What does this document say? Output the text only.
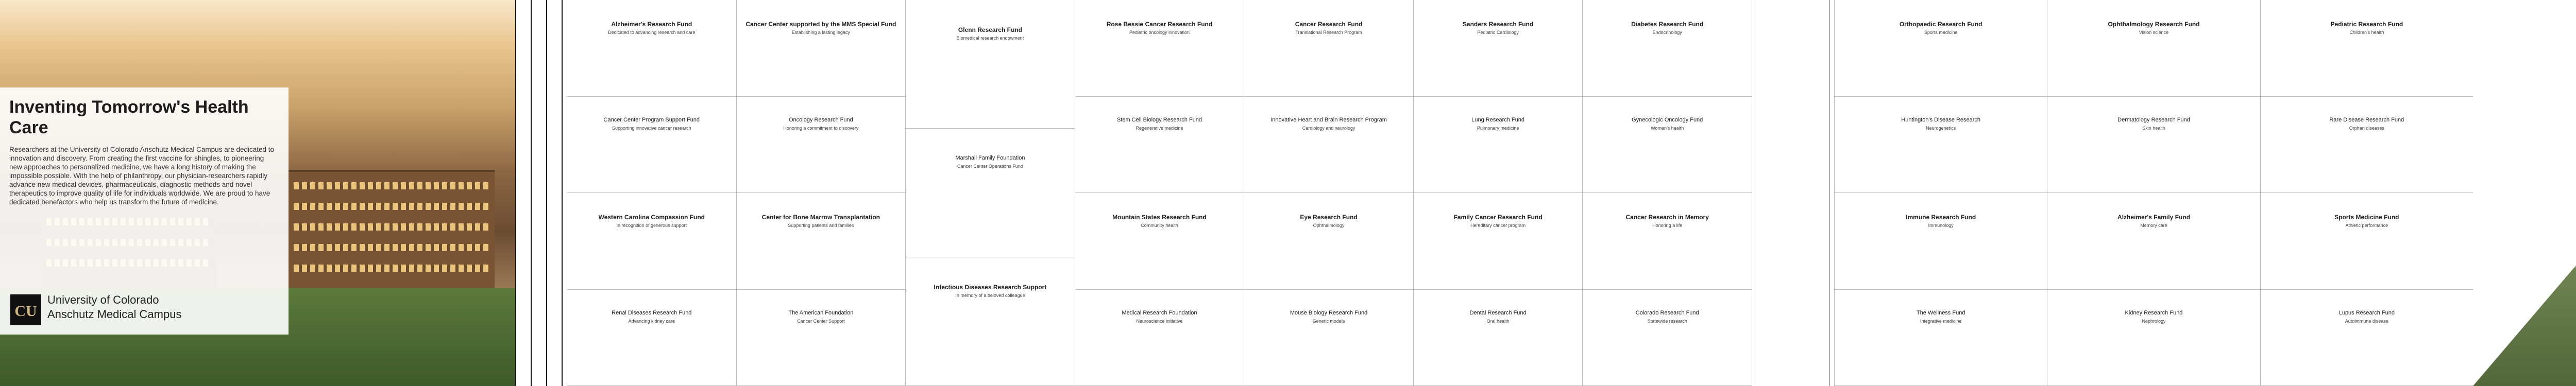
Inventing Tomorrow's Health Care
Researchers at the University of Colorado Anschutz Medical Campus are dedicated to innovation and discovery. From creating the first vaccine for shingles, to pioneering new approaches to personalized medicine, we have a long history of making the impossible possible. With the help of philanthropy, our physician-researchers rapidly advance new medical devices, pharmaceuticals, diagnostic methods and novel therapeutics to improve quality of life for individuals worldwide. We are proud to have dedicated benefactors who help us transform the future of medicine.
CU
University of Colorado
Anschutz Medical Campus
Alzheimer's Research Fund
Dedicated to advancing research and care
Cancer Center Program Support Fund
Supporting innovative cancer research
Western Carolina Compassion Fund
In recognition of generous support
Renal Diseases Research Fund
Advancing kidney care
Cancer Center supported by the MMS Special Fund
Establishing a lasting legacy
Oncology Research Fund
Honoring a commitment to discovery
Center for Bone Marrow Transplantation
Supporting patients and families
The American Foundation
Cancer Center Support
Glenn Research Fund
Biomedical research endowment
Marshall Family Foundation
Cancer Center Operations Fund
Infectious Diseases Research Support
In memory of a beloved colleague
Rose Bessie Cancer Research Fund
Pediatric oncology innovation
Stem Cell Biology Research Fund
Regenerative medicine
Mountain States Research Fund
Community health
Medical Research Foundation
Neuroscience initiative
Cancer Research Fund
Translational Research Program
Innovative Heart and Brain Research Program
Cardiology and neurology
Eye Research Fund
Ophthalmology
Mouse Biology Research Fund
Genetic models
Sanders Research Fund
Pediatric Cardiology
Lung Research Fund
Pulmonary medicine
Family Cancer Research Fund
Hereditary cancer program
Dental Research Fund
Oral health
Diabetes Research Fund
Endocrinology
Gynecologic Oncology Fund
Women's health
Cancer Research in Memory
Honoring a life
Colorado Research Fund
Statewide research
Orthopaedic Research Fund
Sports medicine
Huntington's Disease Research
Neurogenetics
Immune Research Fund
Immunology
The Wellness Fund
Integrative medicine
Ophthalmology Research Fund
Vision science
Dermatology Research Fund
Skin health
Alzheimer's Family Fund
Memory care
Kidney Research Fund
Nephrology
Pediatric Research Fund
Children's health
Rare Disease Research Fund
Orphan diseases
Sports Medicine Fund
Athletic performance
Lupus Research Fund
Autoimmune disease
